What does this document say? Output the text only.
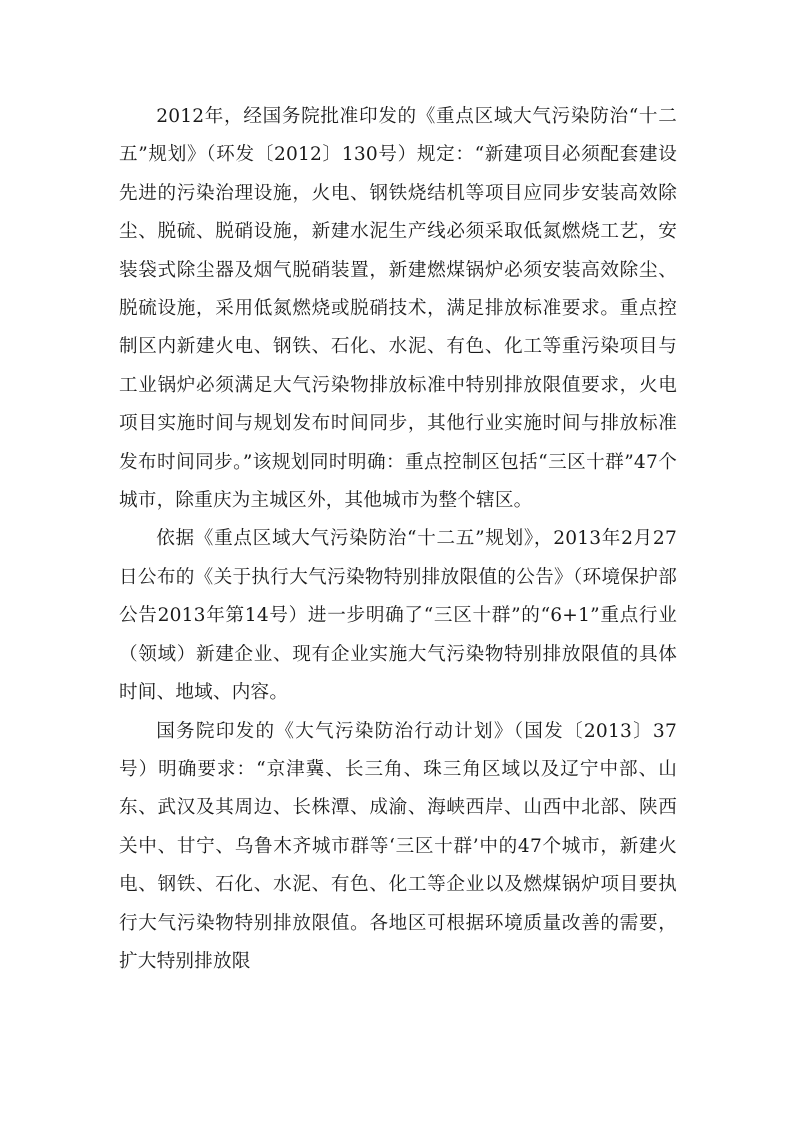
2012年，经国务院批准印发的《重点区域大气污染防治“十二五”规划》（环发〔2012〕130号）规定：“新建项目必须配套建设先进的污染治理设施，火电、钢铁烧结机等项目应同步安装高效除尘、脱硫、脱硝设施，新建水泥生产线必须采取低氮燃烧工艺，安装袋式除尘器及烟气脱硝装置，新建燃煤锅炉必须安装高效除尘、脱硫设施，采用低氮燃烧或脱硝技术，满足排放标准要求。重点控制区内新建火电、钢铁、石化、水泥、有色、化工等重污染项目与工业锅炉必须满足大气污染物排放标准中特别排放限值要求，火电项目实施时间与规划发布时间同步，其他行业实施时间与排放标准发布时间同步。”该规划同时明确：重点控制区包括“三区十群”47个城市，除重庆为主城区外，其他城市为整个辖区。

依据《重点区域大气污染防治“十二五”规划》，2013年2月27日公布的《关于执行大气污染物特别排放限值的公告》（环境保护部公告2013年第14号）进一步明确了“三区十群”的“6+1”重点行业（领域）新建企业、现有企业实施大气污染物特别排放限值的具体时间、地域、内容。

国务院印发的《大气污染防治行动计划》（国发〔2013〕37号）明确要求：“京津冀、长三角、珠三角区域以及辽宁中部、山东、武汉及其周边、长株潭、成渝、海峡西岸、山西中北部、陕西关中、甘宁、乌鲁木齐城市群等‘三区十群’中的47个城市，新建火电、钢铁、石化、水泥、有色、化工等企业以及燃煤锅炉项目要执行大气污染物特别排放限值。各地区可根据环境质量改善的需要，扩大特别排放限
